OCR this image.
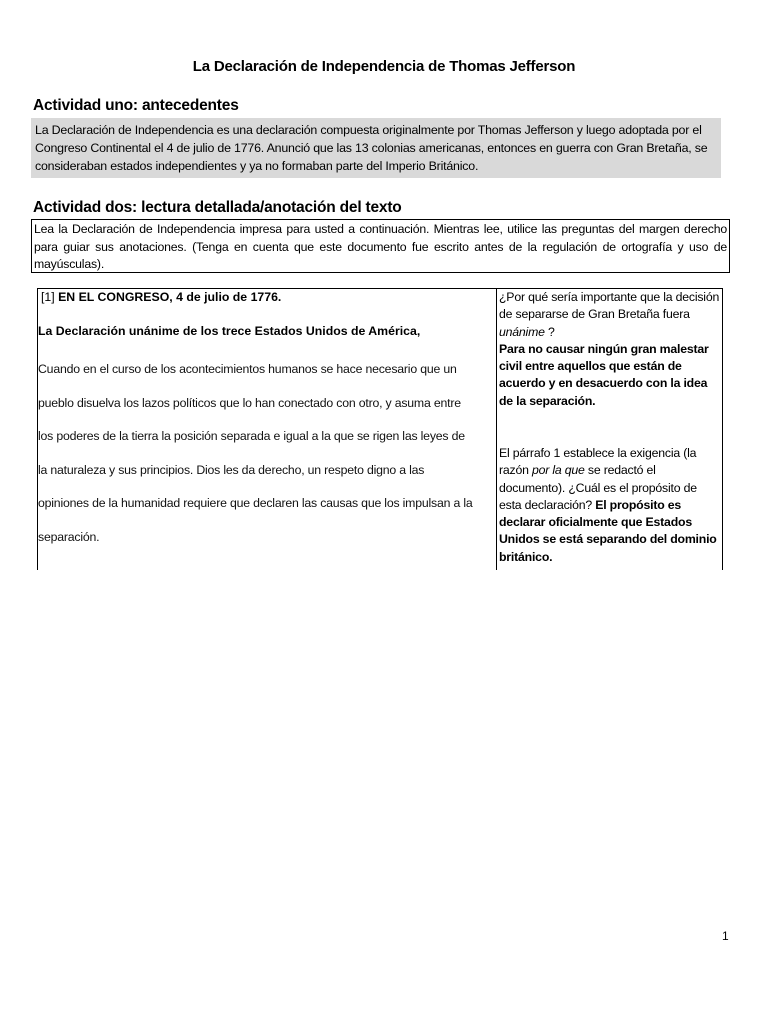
La Declaración de Independencia de Thomas Jefferson
Actividad uno: antecedentes
La Declaración de Independencia es una declaración compuesta originalmente por Thomas Jefferson y luego adoptada por el Congreso Continental el 4 de julio de 1776. Anunció que las 13 colonias americanas, entonces en guerra con Gran Bretaña, se consideraban estados independientes y ya no formaban parte del Imperio Británico.
Actividad dos: lectura detallada/anotación del texto
Lea la Declaración de Independencia impresa para usted a continuación. Mientras lee, utilice las preguntas del margen derecho para guiar sus anotaciones. (Tenga en cuenta que este documento fue escrito antes de la regulación de ortografía y uso de mayúsculas).
[1] EN EL CONGRESO, 4 de julio de 1776.
La Declaración unánime de los trece Estados Unidos de América,
Cuando en el curso de los acontecimientos humanos se hace necesario que un
pueblo disuelva los lazos políticos que lo han conectado con otro, y asuma entre
los poderes de la tierra la posición separada e igual a la que se rigen las leyes de
la naturaleza y sus principios. Dios les da derecho, un respeto digno a las
opiniones de la humanidad requiere que declaren las causas que los impulsan a la
separación.
¿Por qué sería importante que la decisión de separarse de Gran Bretaña fuera unánime ?
Para no causar ningún gran malestar civil entre aquellos que están de acuerdo y en desacuerdo con la idea de la separación.
El párrafo 1 establece la exigencia (la razón por la que se redactó el documento). ¿Cuál es el propósito de esta declaración? El propósito es declarar oficialmente que Estados Unidos se está separando del dominio británico.
1
